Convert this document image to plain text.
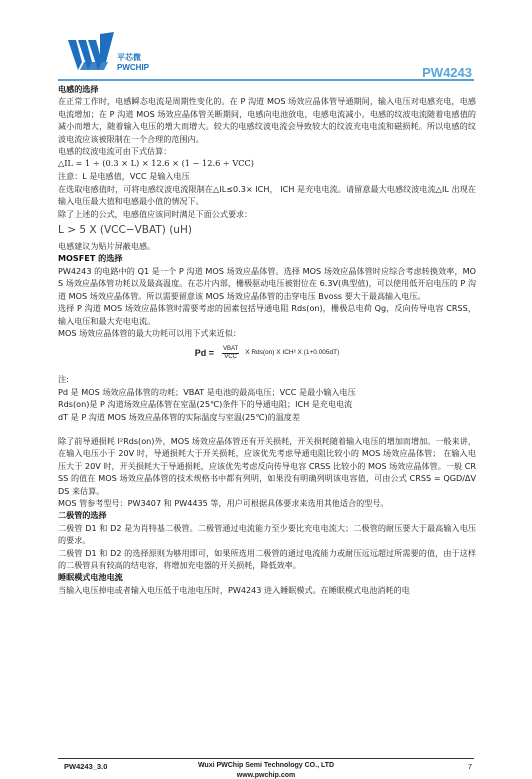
平芯微
PWCHIP	PW4243

电感的选择

在正常工作时，电感瞬态电流是周期性变化的。在 P 沟道 MOS 场效应晶体管导通期间，输入电压对电感充电，电感电流增加；在 P 沟道 MOS 场效应晶体管关断期间，电感向电池放电，电感电流减小。电感的纹波电流随着电感值的减小而增大，随着输入电压的增大而增大。较大的电感纹波电流会导致较大的纹波充电电流和磁损耗。所以电感的纹波电流应该被限制在一个合理的范围内。

电感的纹波电流可由下式估算：

△IL = 1 ÷ (0.3 × L) × 12.6 × (1 − 12.6 ÷ VCC)

注意：L 是电感值，VCC 是输入电压

在选取电感值时，可将电感纹波电流限制在△IL≤0.3× ICH， ICH 是充电电流。请留意最大电感纹波电流△IL 出现在输入电压最大值和电感最小值的情况下。

除了上述的公式，电感值应该同时满足下面公式要求：

L > 5 X (VCC−VBAT) (uH)

电感建议为贴片屏蔽电感。

MOSFET 的选择

PW4243 的电路中的 Q1 是一个 P 沟道 MOS 场效应晶体管。选择 MOS 场效应晶体管时应综合考虑转换效率，MOS 场效应晶体管功耗以及最高温度。在芯片内部，栅极驱动电压被钳位在 6.3V(典型值)，可以使用低开启电压的 P 沟道 MOS 场效应晶体管。所以需要留意该 MOS 场效应晶体管的击穿电压 Bvoss 要大于最高输入电压。

选择 P 沟道 MOS 场效应晶体管时需要考虑的因素包括导通电阻 Rds(on)，栅极总电荷 Qg，反向传导电容 CRSS，输入电压和最大充电电流。

MOS 场效应晶体管的最大功耗可以用下式来近似：

$Pd = \frac{\text{VBAT}}{\text{VCC}}$ X Rds(on) X ICH² X (1+0.005dT)

注:

Pd 是 MOS 场效应晶体管的功耗；VBAT 是电池的最高电压；VCC 是最小输入电压

Rds(on)是 P 沟道场效应晶体管在室温(25℃)条件下的导通电阻；ICH 是充电电流

dT 是 P 沟道 MOS 场效应晶体管的实际温度与室温(25℃)的温度差

除了前导通损耗 I²Rds(on)外，MOS 场效应晶体管还有开关损耗，开关损耗随着输入电压的增加而增加。一般来讲，在输入电压小于 20V 时，导通损耗大于开关损耗，应该优先考虑导通电阻比较小的 MOS 场效应晶体管； 在输入电压大于 20V 时，开关损耗大于导通损耗，应该优先考虑反向传导电容 CRSS 比较小的 MOS 场效应晶体管。一般 CRSS 的值在 MOS 场效应晶体管的技术规格书中都有列明，如果没有明确列明该电容值，可由公式 CRSS = QGD/ΔVDS 来估算。

MOS 管参考型号：PW3407 和 PW4435 等，用户可根据具体要求来选用其他适合的型号。

二极管的选择

二极管 D1 和 D2 是为肖特基二极管。二极管通过电流能力至少要比充电电流大；二极管的耐压要大于最高输入电压的要求。

二极管 D1 和 D2 的选择原则为够用即可，如果所选用二极管的通过电流能力或耐压远远超过所需要的值，由于这样的二极管具有较高的结电容，将增加充电器的开关损耗，降低效率。

睡眠模式电池电流

当输入电压掉电或者输入电压低于电池电压时，PW4243 进入睡眠模式。在睡眠模式电池消耗的电

PW4243_3.0	Wuxi PWChip Semi Technology CO., LTD
www.pwchip.com
7
